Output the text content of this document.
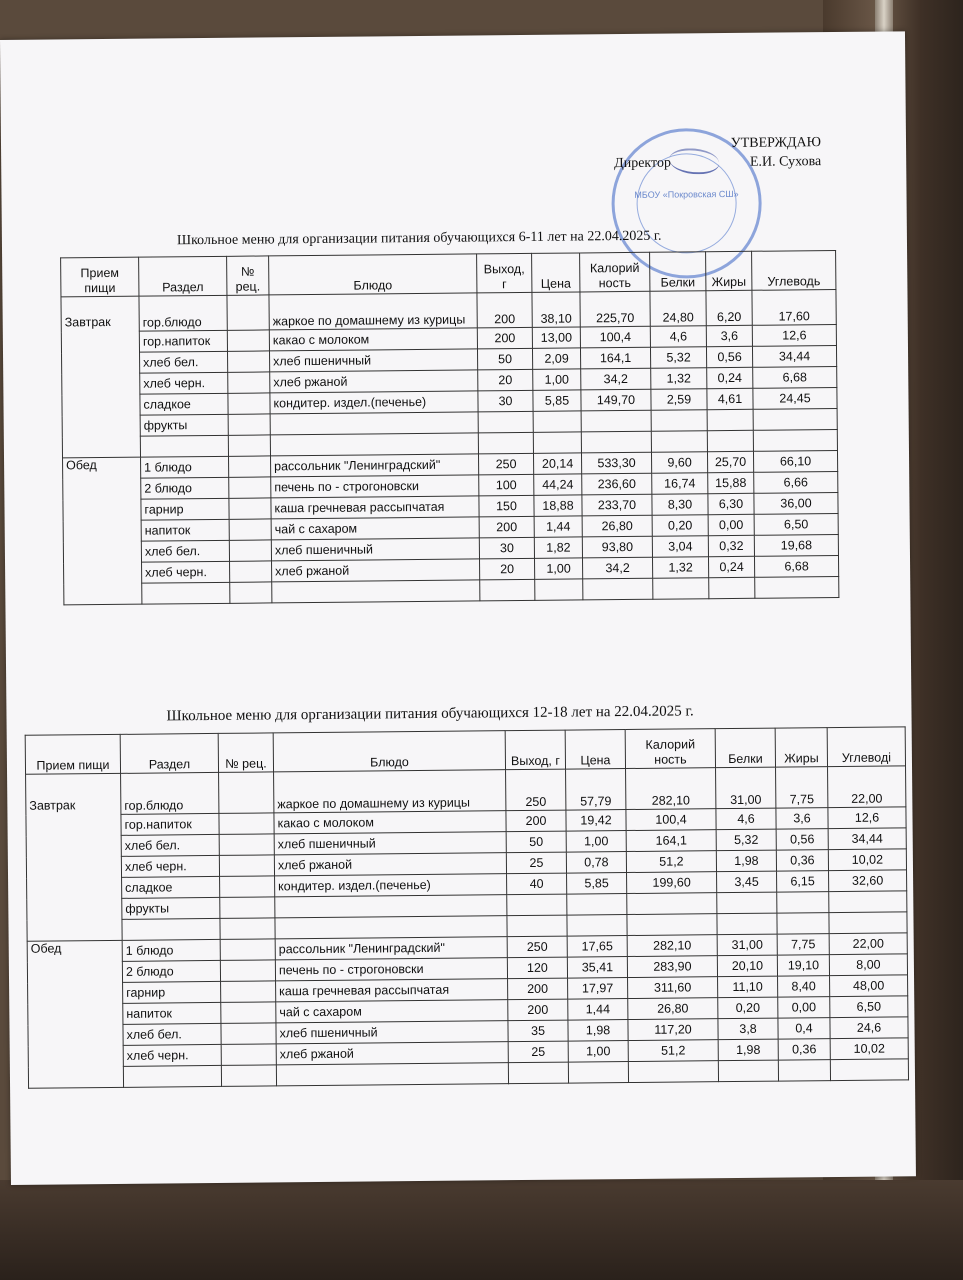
МБОУ «Покровская СШ»
УТВЕРЖДАЮ
Директор	Е.И. Сухова
Школьное меню для организации питания обучающихся 6-11 лет на 22.04.2025 г.
Прием пищи	Раздел	№ рец.	Блюдо	Выход, г	Цена	Калорий ность	Белки	Жиры	Углеводь
Завтрак	гор.блюдо		жаркое по домашнему из курицы	200	38,10	225,70	24,80	6,20	17,60
	гор.напиток		какао с молоком	200	13,00	100,4	4,6	3,6	12,6
	хлеб бел.		хлеб пшеничный	50	2,09	164,1	5,32	0,56	34,44
	хлеб черн.		хлеб ржаной	20	1,00	34,2	1,32	0,24	6,68
	сладкое		кондитер. издел.(печенье)	30	5,85	149,70	2,59	4,61	24,45
	фрукты								

Обед	1 блюдо		рассольник "Ленинградский"	250	20,14	533,30	9,60	25,70	66,10
	2 блюдо		печень по - строгоновски	100	44,24	236,60	16,74	15,88	6,66
	гарнир		каша гречневая рассыпчатая	150	18,88	233,70	8,30	6,30	36,00
	напиток		чай с сахаром	200	1,44	26,80	0,20	0,00	6,50
	хлеб бел.		хлеб пшеничный	30	1,82	93,80	3,04	0,32	19,68
	хлеб черн.		хлеб ржаной	20	1,00	34,2	1,32	0,24	6,68

Школьное меню для организации питания обучающихся 12-18 лет на 22.04.2025 г.
Прием пищи	Раздел	№ рец.	Блюдо	Выход, г	Цена	Калорий ность	Белки	Жиры	Углеводі
Завтрак	гор.блюдо		жаркое по домашнему из курицы	250	57,79	282,10	31,00	7,75	22,00
	гор.напиток		какао с молоком	200	19,42	100,4	4,6	3,6	12,6
	хлеб бел.		хлеб пшеничный	50	1,00	164,1	5,32	0,56	34,44
	хлеб черн.		хлеб ржаной	25	0,78	51,2	1,98	0,36	10,02
	сладкое		кондитер. издел.(печенье)	40	5,85	199,60	3,45	6,15	32,60
	фрукты								

Обед	1 блюдо		рассольник "Ленинградский"	250	17,65	282,10	31,00	7,75	22,00
	2 блюдо		печень по - строгоновски	120	35,41	283,90	20,10	19,10	8,00
	гарнир		каша гречневая рассыпчатая	200	17,97	311,60	11,10	8,40	48,00
	напиток		чай с сахаром	200	1,44	26,80	0,20	0,00	6,50
	хлеб бел.		хлеб пшеничный	35	1,98	117,20	3,8	0,4	24,6
	хлеб черн.		хлеб ржаной	25	1,00	51,2	1,98	0,36	10,02
